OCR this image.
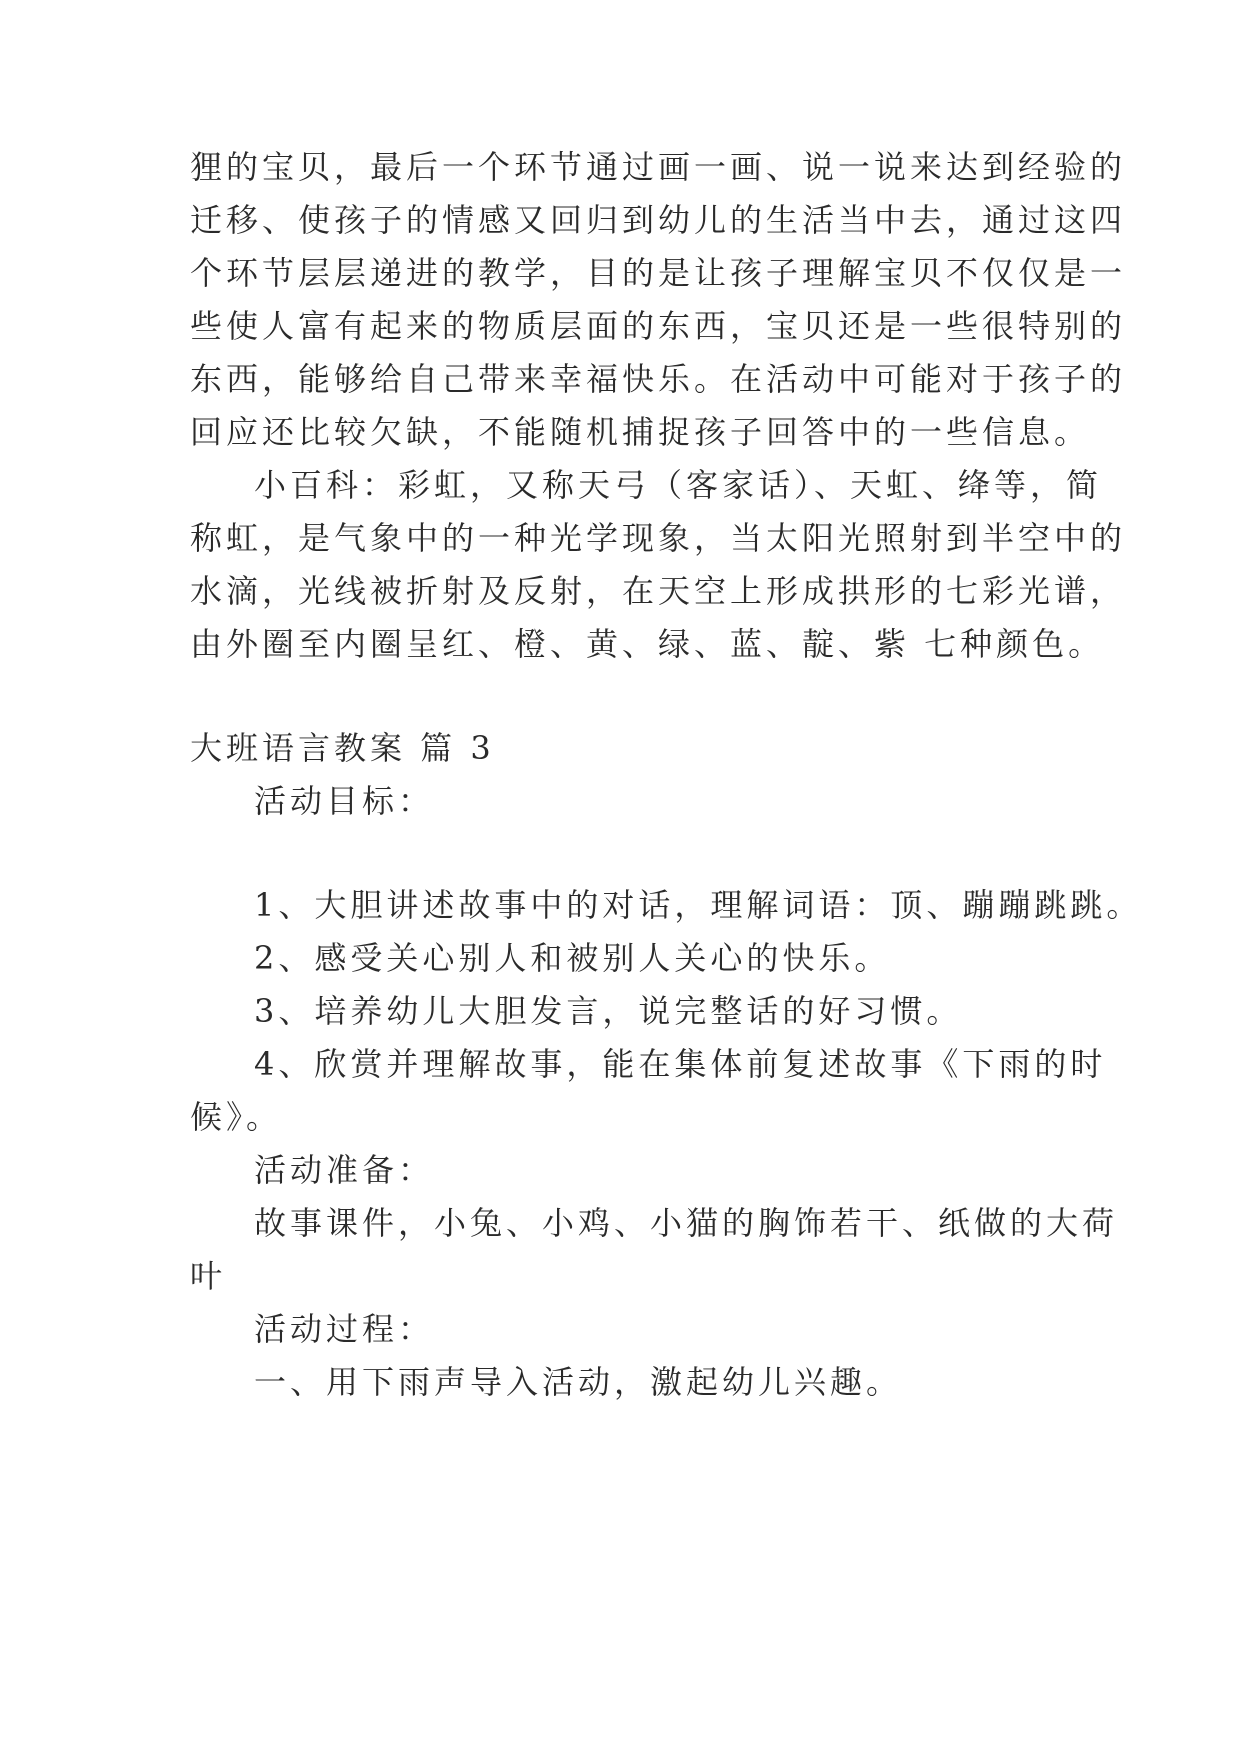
狸的宝贝，最后一个环节通过画一画、说一说来达到经验的
迁移、使孩子的情感又回归到幼儿的生活当中去，通过这四
个环节层层递进的教学，目的是让孩子理解宝贝不仅仅是一
些使人富有起来的物质层面的东西，宝贝还是一些很特别的
东西，能够给自己带来幸福快乐。在活动中可能对于孩子的
回应还比较欠缺，不能随机捕捉孩子回答中的一些信息。
小百科：彩虹，又称天弓（客家话）、天虹、绛等，简
称虹，是气象中的一种光学现象，当太阳光照射到半空中的
水滴，光线被折射及反射，在天空上形成拱形的七彩光谱，
由外圈至内圈呈红、橙、黄、绿、蓝、靛、紫 七种颜色。
大班语言教案 篇 3
活动目标：
1、大胆讲述故事中的对话，理解词语：顶、蹦蹦跳跳。
2、感受关心别人和被别人关心的快乐。
3、培养幼儿大胆发言，说完整话的好习惯。
4、欣赏并理解故事，能在集体前复述故事《下雨的时
候》。
活动准备：
故事课件，小兔、小鸡、小猫的胸饰若干、纸做的大荷
叶
活动过程：
一、用下雨声导入活动，激起幼儿兴趣。
